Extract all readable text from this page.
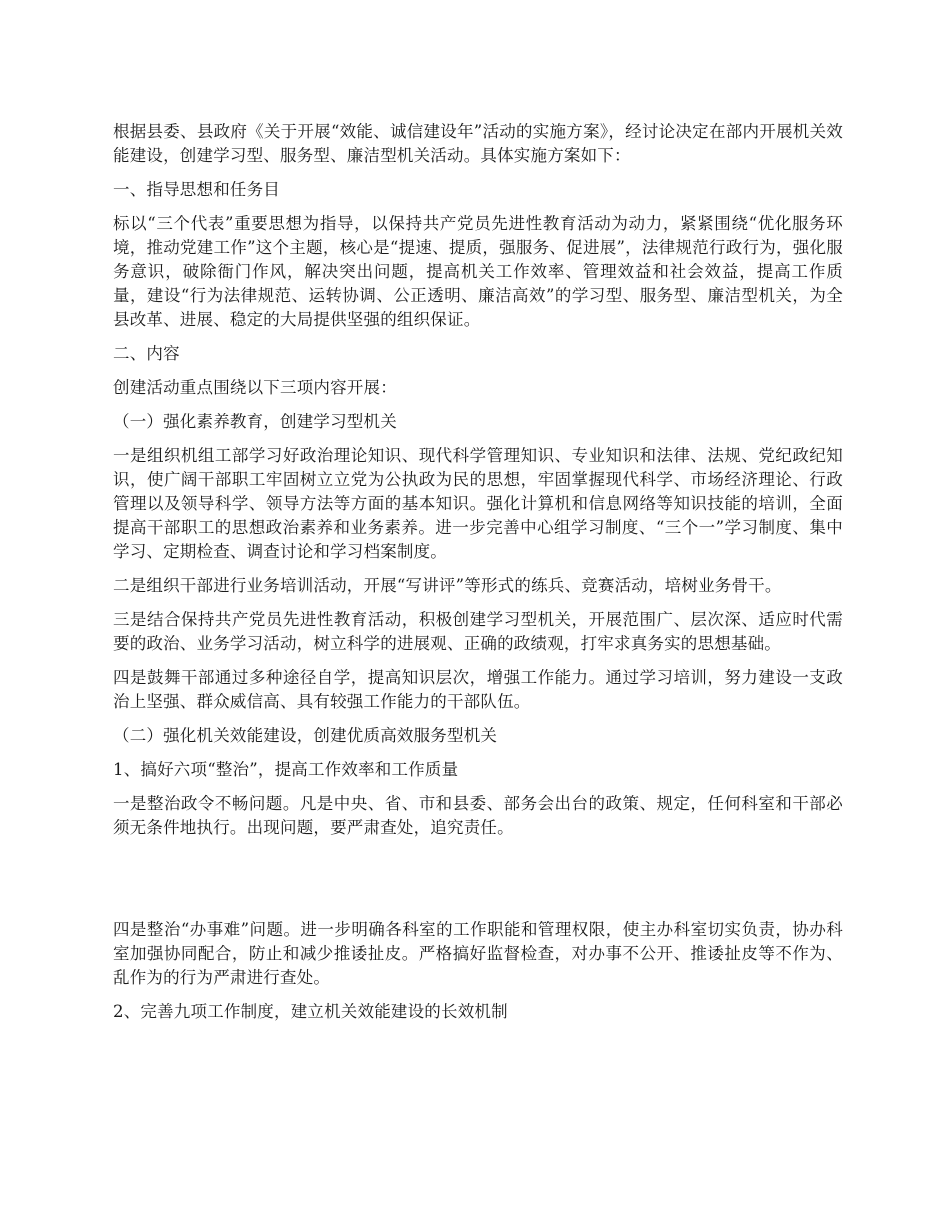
根据县委、县政府《关于开展“效能、诚信建设年”活动的实施方案》，经讨论决定在部内开展机关效能建设，创建学习型、服务型、廉洁型机关活动。具体实施方案如下：

一、指导思想和任务目

标以“三个代表”重要思想为指导，以保持共产党员先进性教育活动为动力，紧紧围绕“优化服务环境，推动党建工作”这个主题，核心是“提速、提质，强服务、促进展”，法律规范行政行为，强化服务意识，破除衙门作风，解决突出问题，提高机关工作效率、管理效益和社会效益，提高工作质量，建设“行为法律规范、运转协调、公正透明、廉洁高效”的学习型、服务型、廉洁型机关，为全县改革、进展、稳定的大局提供坚强的组织保证。

二、内容

创建活动重点围绕以下三项内容开展：

（一）强化素养教育，创建学习型机关

一是组织机组工部学习好政治理论知识、现代科学管理知识、专业知识和法律、法规、党纪政纪知识，使广阔干部职工牢固树立立党为公执政为民的思想，牢固掌握现代科学、市场经济理论、行政管理以及领导科学、领导方法等方面的基本知识。强化计算机和信息网络等知识技能的培训，全面提高干部职工的思想政治素养和业务素养。进一步完善中心组学习制度、“三个一”学习制度、集中学习、定期检查、调查讨论和学习档案制度。

二是组织干部进行业务培训活动，开展“写讲评”等形式的练兵、竞赛活动，培树业务骨干。

三是结合保持共产党员先进性教育活动，积极创建学习型机关，开展范围广、层次深、适应时代需要的政治、业务学习活动，树立科学的进展观、正确的政绩观，打牢求真务实的思想基础。

四是鼓舞干部通过多种途径自学，提高知识层次，增强工作能力。通过学习培训，努力建设一支政治上坚强、群众威信高、具有较强工作能力的干部队伍。

（二）强化机关效能建设，创建优质高效服务型机关

1、搞好六项“整治”，提高工作效率和工作质量

一是整治政令不畅问题。凡是中央、省、市和县委、部务会出台的政策、规定，任何科室和干部必须无条件地执行。出现问题，要严肃查处，追究责任。

四是整治“办事难”问题。进一步明确各科室的工作职能和管理权限，使主办科室切实负责，协办科室加强协同配合，防止和减少推诿扯皮。严格搞好监督检查，对办事不公开、推诿扯皮等不作为、乱作为的行为严肃进行查处。

2、完善九项工作制度，建立机关效能建设的长效机制
